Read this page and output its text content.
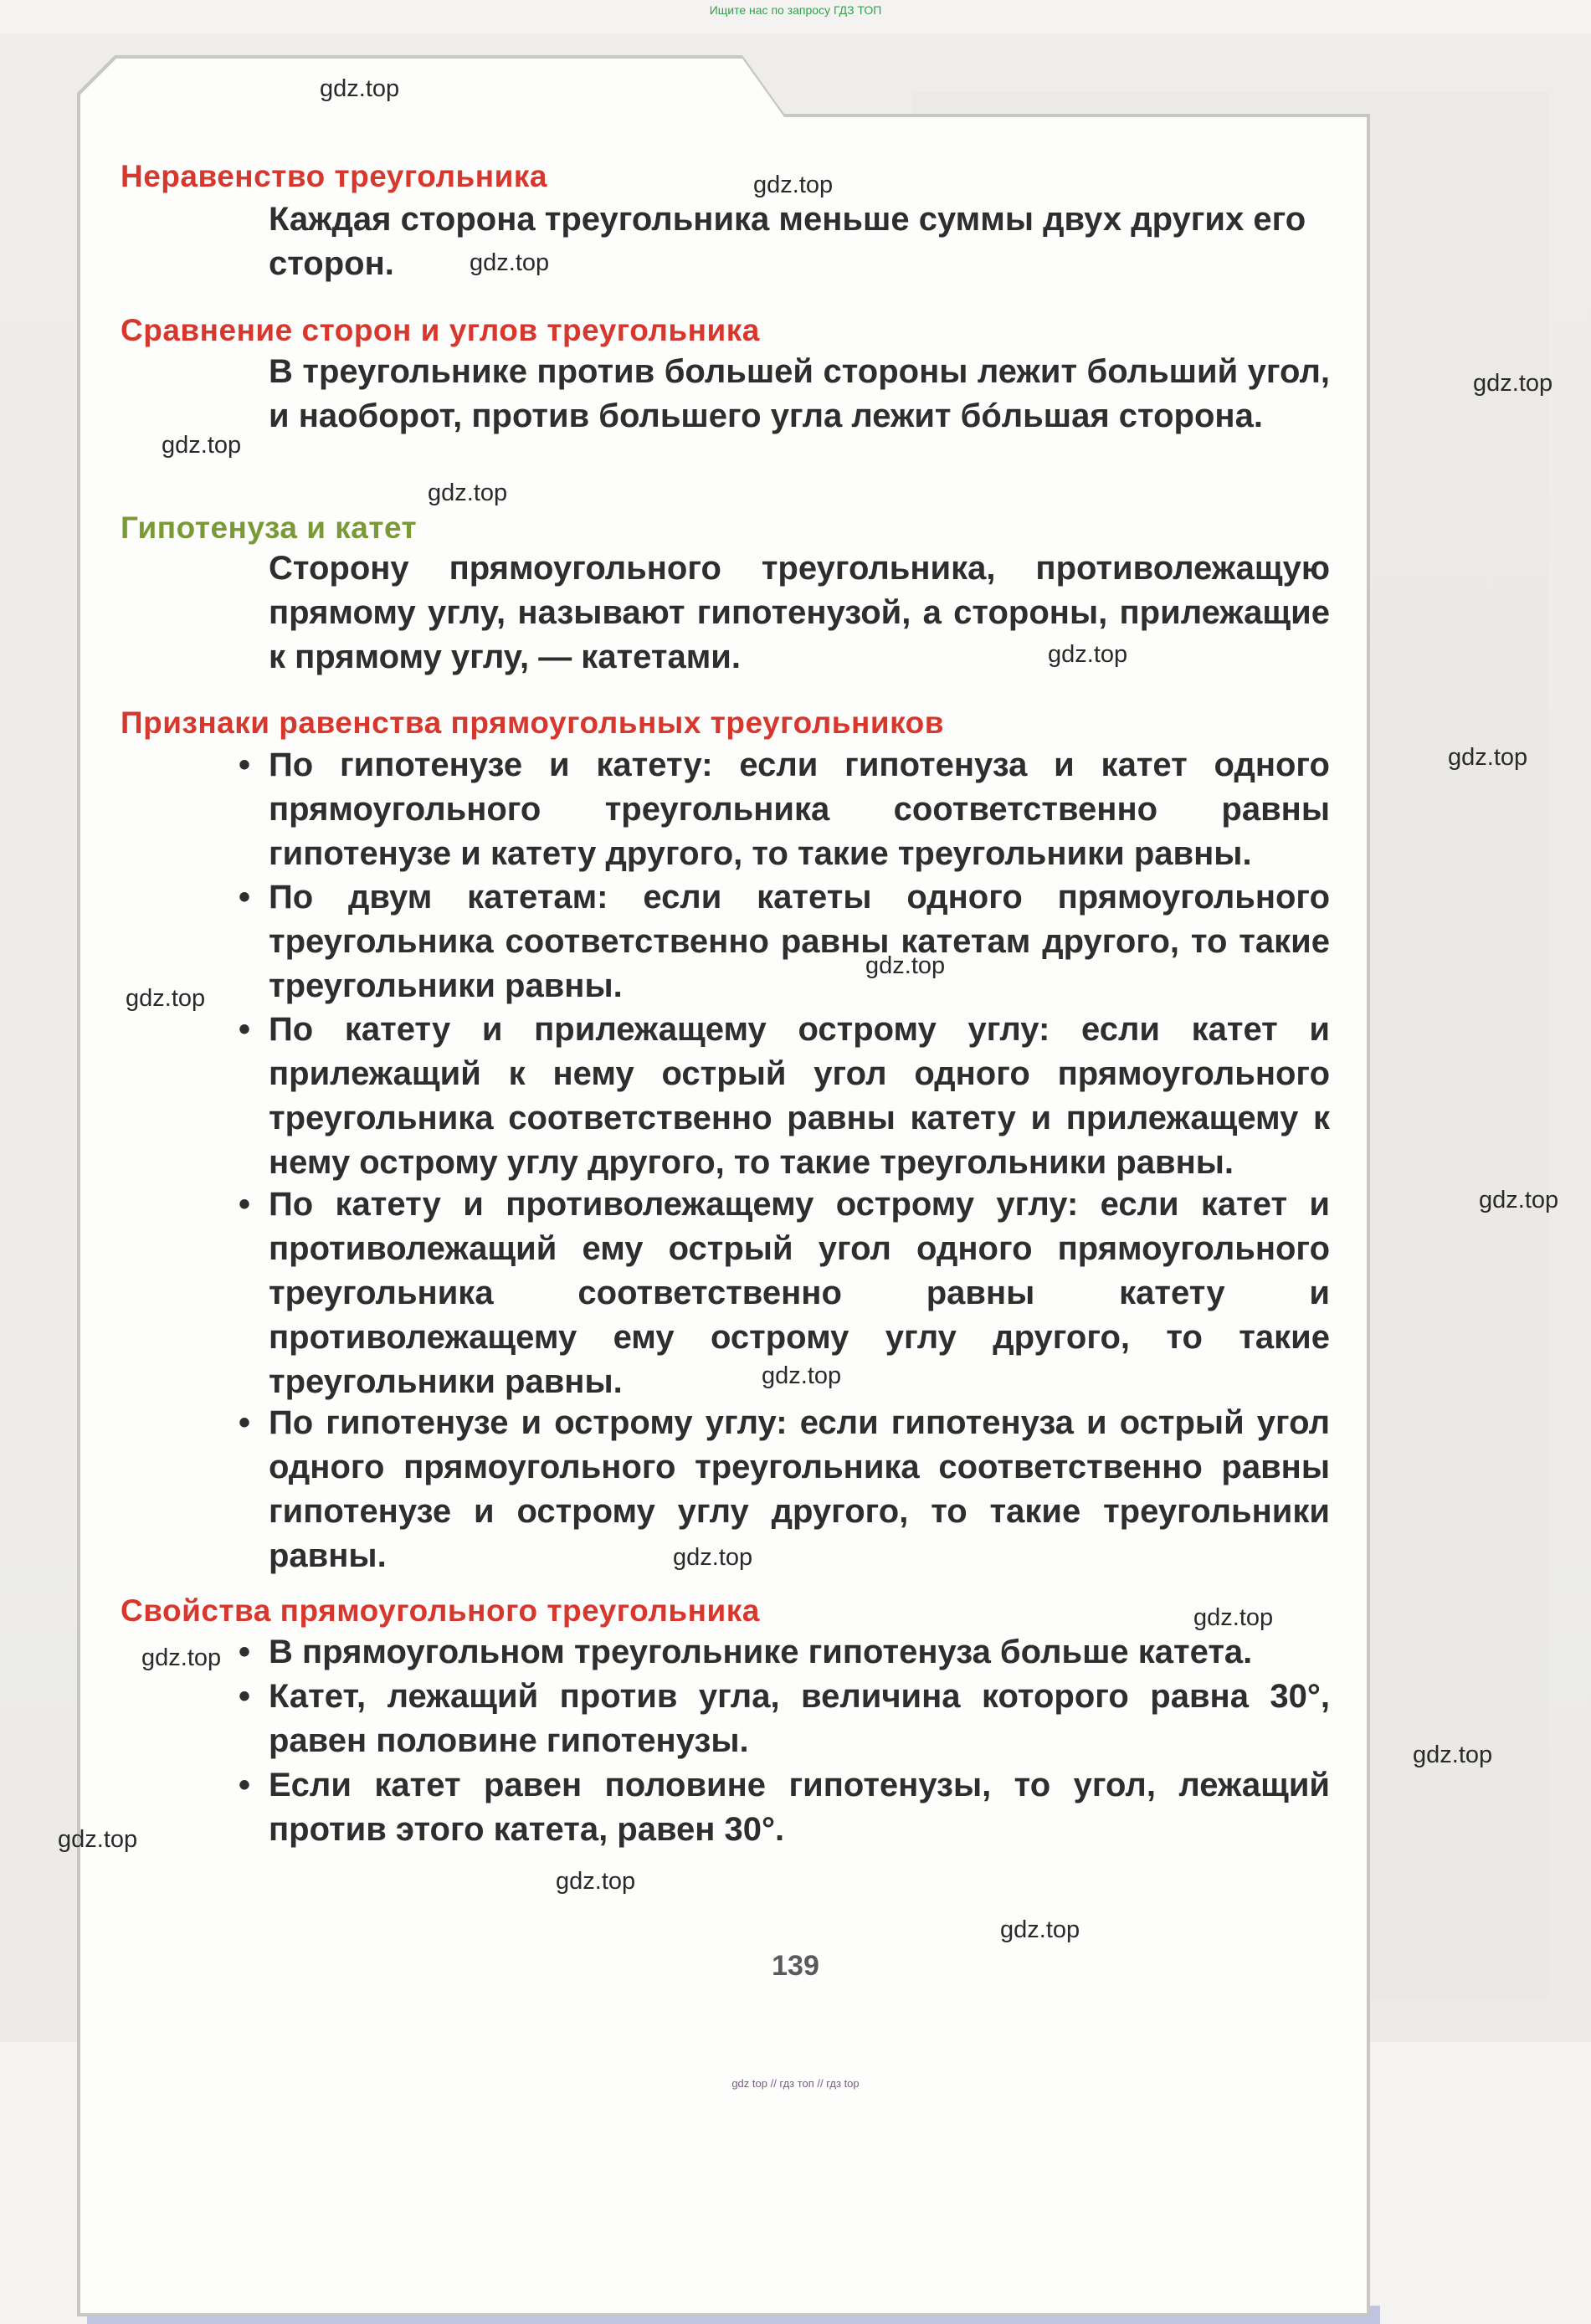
Ищите нас по запросу ГДЗ ТОП
Неравенство треугольника
Каждая сторона треугольника меньше суммы двух других его сторон.
Сравнение сторон и углов треугольника
В треугольнике против большей стороны лежит больший угол, и наоборот, против большего угла лежит бóльшая сторона.
Гипотенуза и катет
Сторону прямоугольного треугольника, противолежащую прямому углу, называют гипотенузой, а стороны, прилежащие к прямому углу, — катетами.
Признаки равенства прямоугольных треугольников
• По гипотенузе и катету: если гипотенуза и катет одного прямоугольного треугольника соответственно равны гипотенузе и катету другого, то такие треугольники равны.
• По двум катетам: если катеты одного прямоугольного треугольника соответственно равны катетам другого, то такие треугольники равны.
• По катету и прилежащему острому углу: если катет и прилежащий к нему острый угол одного прямоугольного треугольника соответственно равны катету и прилежащему к нему острому углу другого, то такие треугольники равны.
• По катету и противолежащему острому углу: если катет и противолежащий ему острый угол одного прямоугольного треугольника соответственно равны катету и противолежащему ему острому углу другого, то такие треугольники равны.
• По гипотенузе и острому углу: если гипотенуза и острый угол одного прямоугольного треугольника соответственно равны гипотенузе и острому углу другого, то такие треугольники равны.
Свойства прямоугольного треугольника
• В прямоугольном треугольнике гипотенуза больше катета.
• Катет, лежащий против угла, величина которого равна 30°, равен половине гипотенузы.
• Если катет равен половине гипотенузы, то угол, лежащий против этого катета, равен 30°.
139
gdz.top
gdz.top
gdz.top
gdz.top
gdz.top
gdz.top
gdz.top
gdz.top
gdz.top
gdz.top
gdz.top
gdz.top
gdz.top
gdz.top
gdz.top
gdz.top
gdz.top
gdz.top
gdz.top
gdz top // гдз топ // гдз top
